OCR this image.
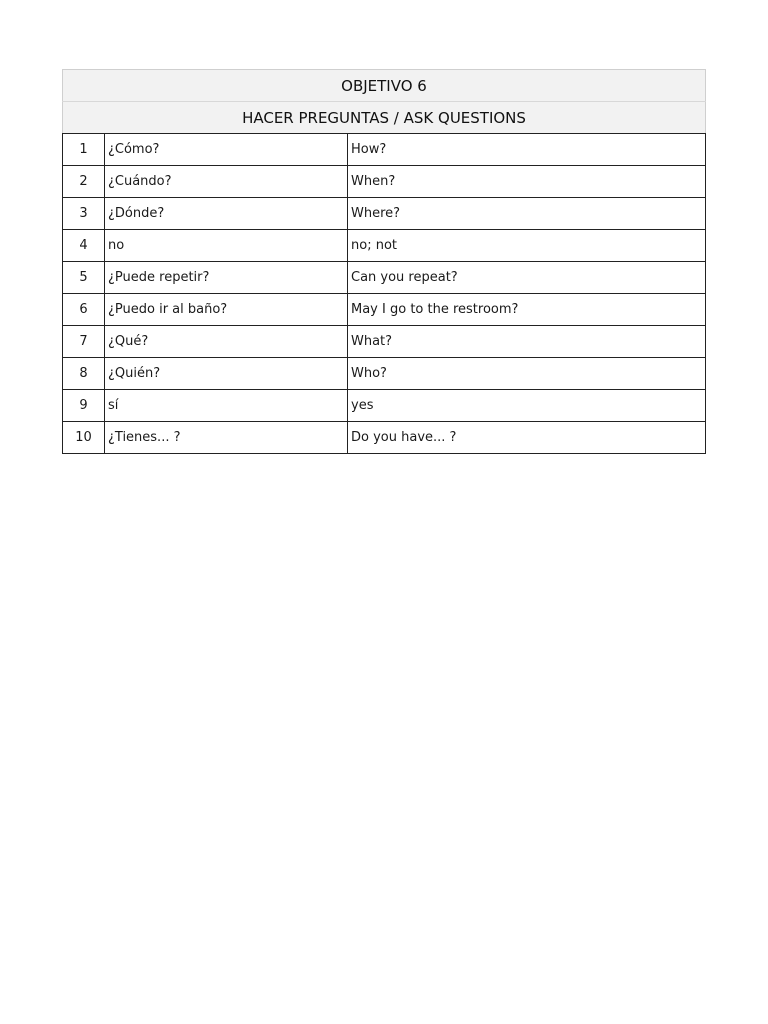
OBJETIVO 6		
HACER PREGUNTAS / ASK QUESTIONS		
1	¿Cómo?	How?
2	¿Cuándo?	When?
3	¿Dónde?	Where?
4	no	no; not
5	¿Puede repetir?	Can you repeat?
6	¿Puedo ir al baño?	May I go to the restroom?
7	¿Qué?	What?
8	¿Quién?	Who?
9	sí	yes
10	¿Tienes... ?	Do you have... ?
